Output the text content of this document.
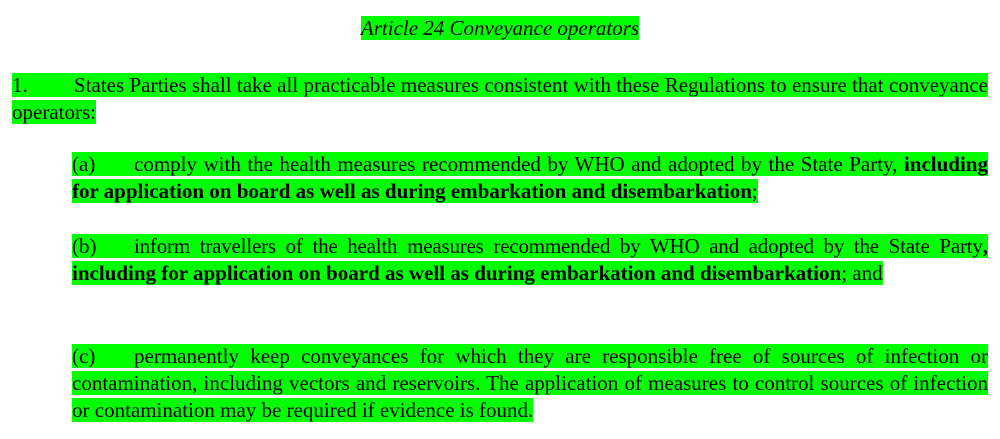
Article 24 Conveyance operators
1. States Parties shall take all practicable measures consistent with these Regulations to ensure that conveyance operators:
(a) comply with the health measures recommended by WHO and adopted by the State Party, including for application on board as well as during embarkation and disembarkation;
(b) inform travellers of the health measures recommended by WHO and adopted by the State Party, including for application on board as well as during embarkation and disembarkation; and
(c) permanently keep conveyances for which they are responsible free of sources of infection or contamination, including vectors and reservoirs. The application of measures to control sources of infection or contamination may be required if evidence is found.
